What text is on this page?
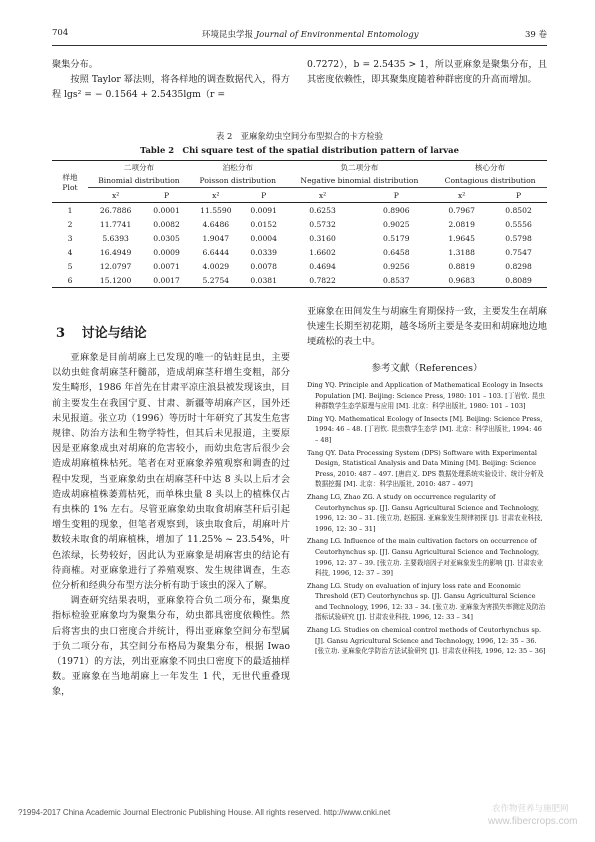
704	环境昆虫学报 Journal of Environmental Entomology	39 卷

聚集分布。

按照 Taylor 幂法则，将各样地的调查数据代入，得方程 lgs² = − 0.1564 + 2.5435lgm（r =

0.7272），b = 2.5435 > 1，所以亚麻象是聚集分布，且其密度依赖性，即其聚集度随着种群密度的升高而增加。

表 2　亚麻象幼虫空间分布型拟合的卡方检验
Table 2　Chi square test of the spatial distribution pattern of larvae
样地
Plot	二项分布		泊松分布		负二项分布		核心分布	
	Binomial distribution		Poisson distribution		Negative binomial distribution		Contagious distribution	
	x²	P	x²	P	x²	P	x²	P
1	26.7886	0.0001	11.5590	0.0091	0.6253	0.8906	0.7967	0.8502
2	11.7741	0.0082	4.6486	0.0152	0.5732	0.9025	2.0819	0.5556
3	5.6393	0.0305	1.9047	0.0004	0.3160	0.5179	1.9645	0.5798
4	16.4949	0.0009	6.6444	0.0339	1.6602	0.6458	1.3188	0.7547
5	12.0797	0.0071	4.0029	0.0078	0.4694	0.9256	0.8819	0.8298
6	15.1200	0.0017	5.2754	0.0381	0.7822	0.8537	0.9683	0.8089
3 讨论与结论

亚麻象是目前胡麻上已发现的唯一的钻蛀昆虫，主要以幼虫蛀食胡麻茎秆髓部，造成胡麻茎秆增生变粗，部分发生畸形，1986 年首先在甘肃平凉庄浪县被发现该虫，目前主要发生在我国宁夏、甘肃、新疆等胡麻产区，国外还未见报道。张立功（1996）等历时十年研究了其发生危害规律、防治方法和生物学特性，但其后未见报道，主要原因是亚麻象成虫对胡麻的危害较小，而幼虫危害后很少会造成胡麻植株枯死。笔者在对亚麻象养殖观察和调查的过程中发现，当亚麻象幼虫在胡麻茎秆中达 8 头以上后才会造成胡麻植株萎蔫枯死，而单株虫量 8 头以上的植株仅占有虫株的 1% 左右。尽管亚麻象幼虫取食胡麻茎秆后引起增生变粗的现象，但笔者观察到，该虫取食后，胡麻叶片数较未取食的胡麻植株，增加了 11.25% ~ 23.54%，叶色浓绿，长势较好，因此认为亚麻象是胡麻害虫的结论有待商榷。对亚麻象进行了养殖观察、发生规律调查，生态位分析和经典分布型方法分析有助于该虫的深入了解。

调查研究结果表明，亚麻象符合负二项分布，聚集度指标检验亚麻象均为聚集分布，幼虫都具密度依赖性。然后将害虫的虫口密度合并统计，得出亚麻象空间分布型属于负二项分布，其空间分布格局为聚集分布，根据 Iwao（1971）的方法，列出亚麻象不同虫口密度下的最适抽样数。亚麻象在当地胡麻上一年发生 1 代，无世代重叠现象，

亚麻象在田间发生与胡麻生育期保持一致，主要发生在胡麻快速生长期至初花期，越冬场所主要是冬麦田和胡麻地边地埂疏松的表土中。

参考文献（References）
Ding YQ. Principle and Application of Mathematical Ecology in Insects Population [M]. Beijing: Science Press, 1980: 101 – 103. [丁岩钦. 昆虫种群数学生态学原理与应用 [M]. 北京：科学出版社, 1980: 101 – 103]
Ding YQ. Mathematical Ecology of Insects [M]. Beijing: Science Press, 1994: 46 – 48. [丁岩钦. 昆虫数学生态学 [M]. 北京：科学出版社, 1994: 46 – 48]
Tang QY. Data Processing System (DPS) Software with Experimental Design, Statistical Analysis and Data Mining [M]. Beijing: Science Press, 2010: 487 – 497. [唐启义. DPS 数据处理系统实验设计、统计分析及数据挖掘 [M]. 北京：科学出版社, 2010: 487 – 497]
Zhang LG, Zhao ZG. A study on occurrence regularity of Ceutorhynchus sp. [J]. Gansu Agricultural Science and Technology, 1996, 12: 30 – 31. [张立功, 赵振国. 亚麻象发生规律初探 [J]. 甘肃农业科技, 1996, 12: 30 – 31]
Zhang LG. Influence of the main cultivation factors on occurrence of Ceutorhynchus sp. [J]. Gansu Agricultural Science and Technology, 1996, 12: 37 – 39. [张立功. 主要栽培因子对亚麻象发生的影响 [J]. 甘肃农业科技, 1996, 12: 37 – 39]
Zhang LG. Study on evaluation of injury loss rate and Economic Threshold (ET) Ceutorhynchus sp. [J]. Gansu Agricultural Science and Technology, 1996, 12: 33 – 34. [张立功. 亚麻象为害损失率测定及防治指标试验研究 [J]. 甘肃农业科技, 1996, 12: 33 – 34]
Zhang LG. Studies on chemical control methods of Ceutorhynchus sp. [J]. Gansu Agricultural Science and Technology, 1996, 12: 35 – 36. [张立功. 亚麻象化学防治方法试验研究 [J]. 甘肃农业科技, 1996, 12: 35 – 36]
?1994-2017 China Academic Journal Electronic Publishing House. All rights reserved. http://www.cnki.net	农作物营养与施肥网
www.fibercrops.com
